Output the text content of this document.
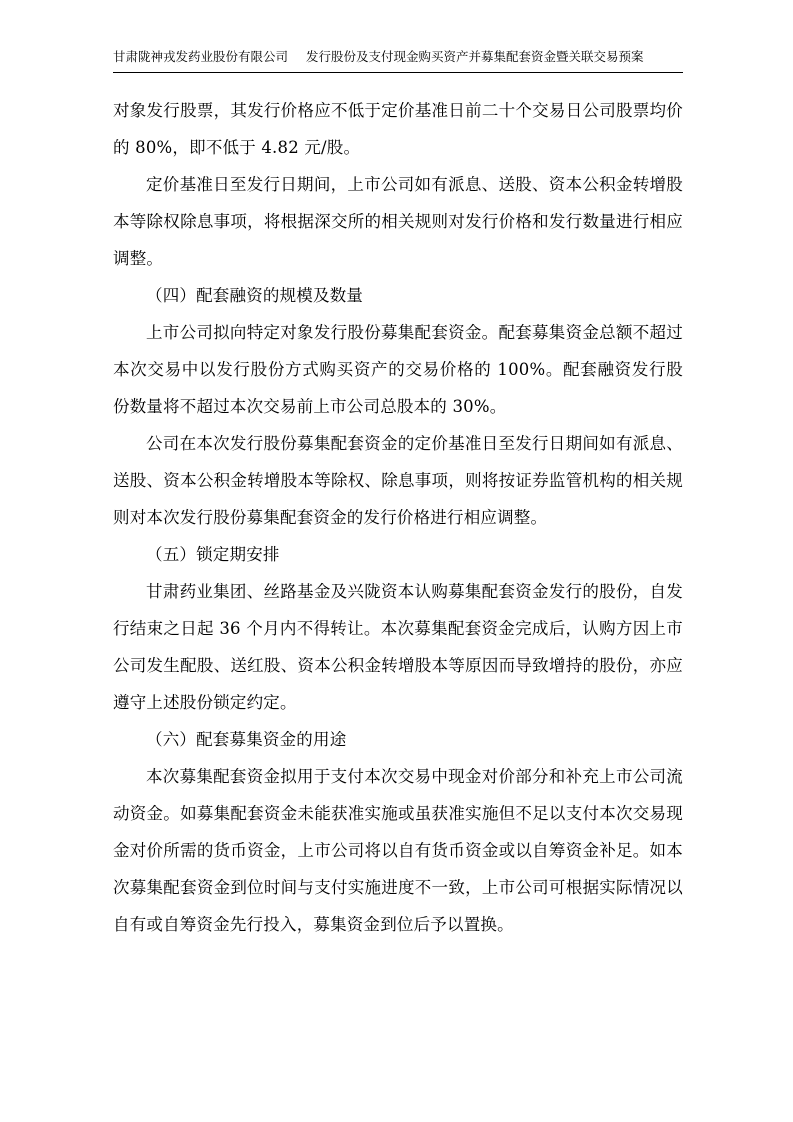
甘肃陇神戎发药业股份有限公司 发行股份及支付现金购买资产并募集配套资金暨关联交易预案

对象发行股票，其发行价格应不低于定价基准日前二十个交易日公司股票均价的 80%，即不低于 4.82 元/股。

定价基准日至发行日期间，上市公司如有派息、送股、资本公积金转增股本等除权除息事项，将根据深交所的相关规则对发行价格和发行数量进行相应调整。

（四）配套融资的规模及数量

上市公司拟向特定对象发行股份募集配套资金。配套募集资金总额不超过本次交易中以发行股份方式购买资产的交易价格的 100%。配套融资发行股份数量将不超过本次交易前上市公司总股本的 30%。

公司在本次发行股份募集配套资金的定价基准日至发行日期间如有派息、送股、资本公积金转增股本等除权、除息事项，则将按证券监管机构的相关规则对本次发行股份募集配套资金的发行价格进行相应调整。

（五）锁定期安排

甘肃药业集团、丝路基金及兴陇资本认购募集配套资金发行的股份，自发行结束之日起 36 个月内不得转让。本次募集配套资金完成后，认购方因上市公司发生配股、送红股、资本公积金转增股本等原因而导致增持的股份，亦应遵守上述股份锁定约定。

（六）配套募集资金的用途

本次募集配套资金拟用于支付本次交易中现金对价部分和补充上市公司流动资金。如募集配套资金未能获准实施或虽获准实施但不足以支付本次交易现金对价所需的货币资金，上市公司将以自有货币资金或以自筹资金补足。如本次募集配套资金到位时间与支付实施进度不一致，上市公司可根据实际情况以自有或自筹资金先行投入，募集资金到位后予以置换。
